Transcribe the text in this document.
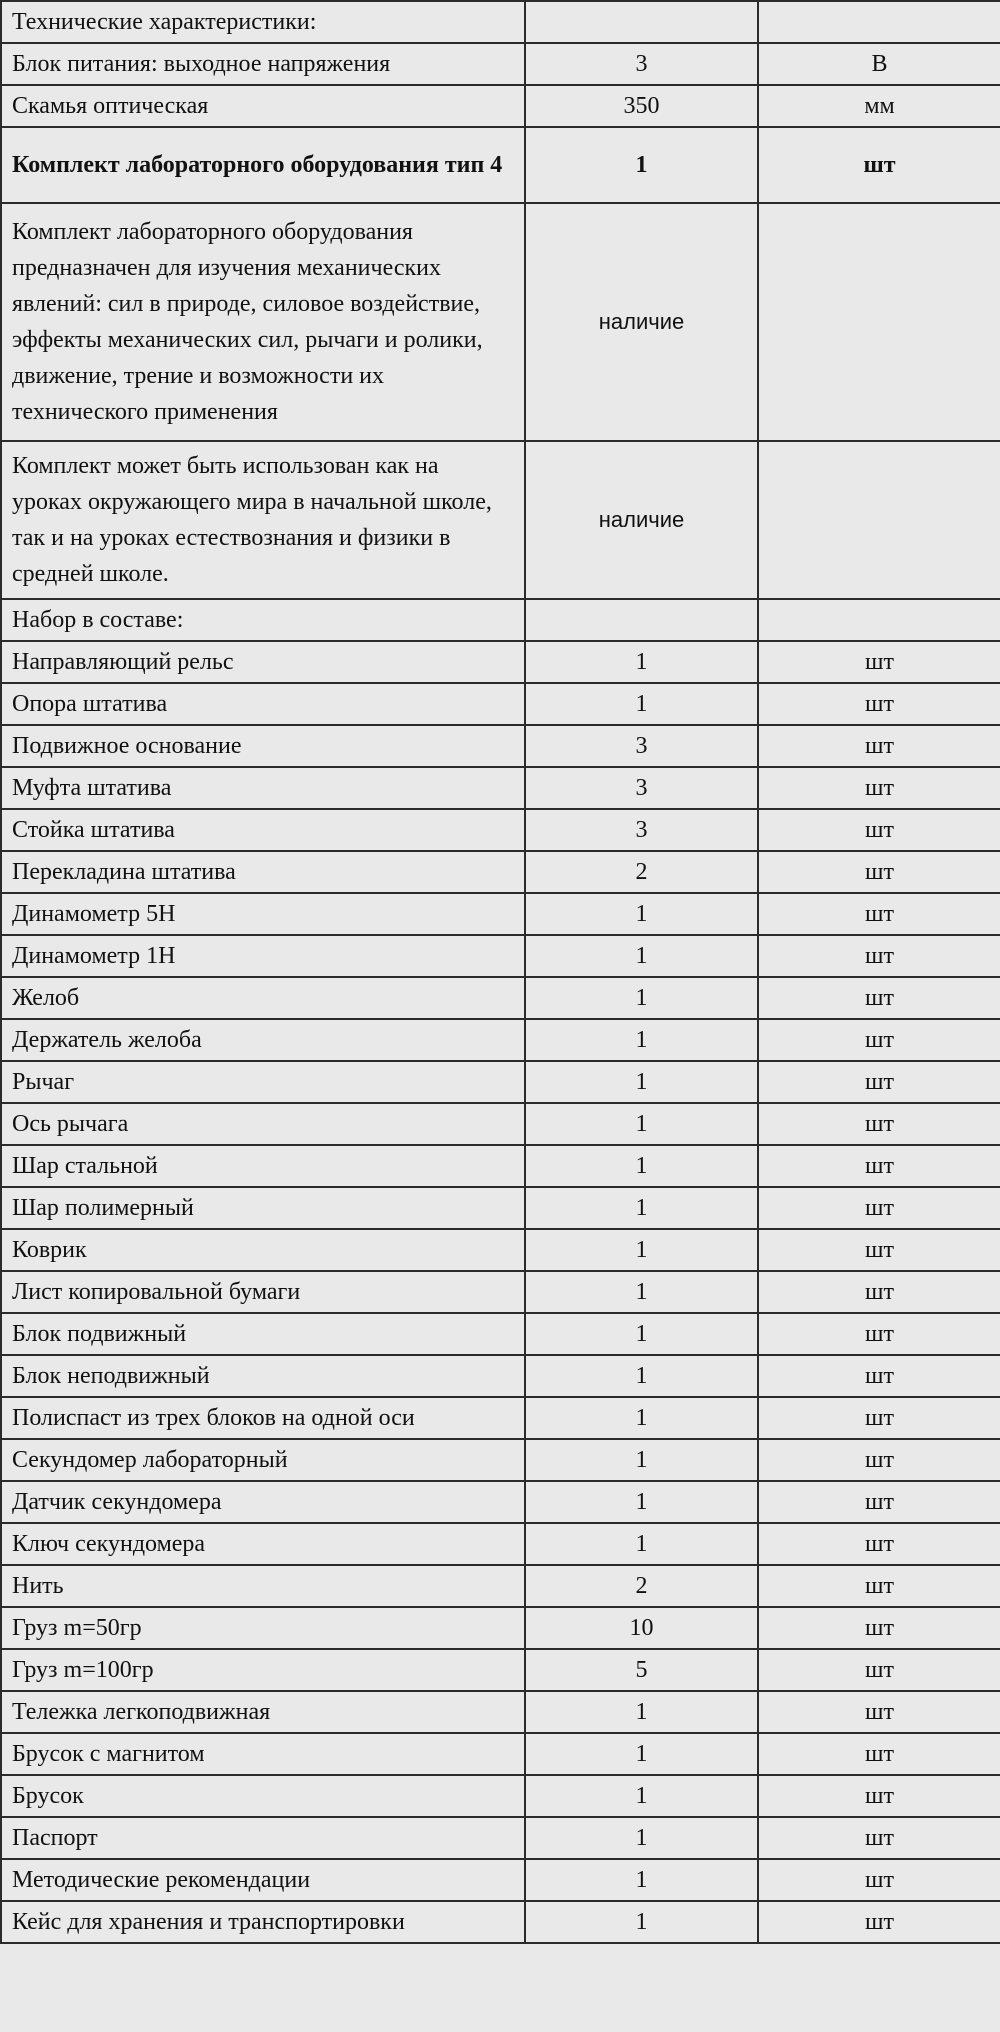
Технические характеристики:		
Блок питания: выходное напряжения	3	В
Скамья оптическая	350	мм
Комплект лабораторного оборудования тип 4	1	шт
Комплект лабораторного оборудования предназначен для изучения механических явлений: сил в природе, силовое воздействие, эффекты механических сил, рычаги и ролики, движение, трение и возможности их технического применения	наличие	
Комплект может быть использован как на уроках окружающего мира в начальной школе, так и на уроках естествознания и физики в средней школе.	наличие	
Набор в составе:		
Направляющий рельс	1	шт
Опора штатива	1	шт
Подвижное основание	3	шт
Муфта штатива	3	шт
Стойка штатива	3	шт
Перекладина штатива	2	шт
Динамометр 5Н	1	шт
Динамометр 1Н	1	шт
Желоб	1	шт
Держатель желоба	1	шт
Рычаг	1	шт
Ось рычага	1	шт
Шар стальной	1	шт
Шар полимерный	1	шт
Коврик	1	шт
Лист копировальной бумаги	1	шт
Блок подвижный	1	шт
Блок неподвижный	1	шт
Полиспаст из трех блоков на одной оси	1	шт
Секундомер лабораторный	1	шт
Датчик секундомера	1	шт
Ключ секундомера	1	шт
Нить	2	шт
Груз m=50гр	10	шт
Груз m=100гр	5	шт
Тележка легкоподвижная	1	шт
Брусок с магнитом	1	шт
Брусок	1	шт
Паспорт	1	шт
Методические рекомендации	1	шт
Кейс для хранения и транспортировки	1	шт
